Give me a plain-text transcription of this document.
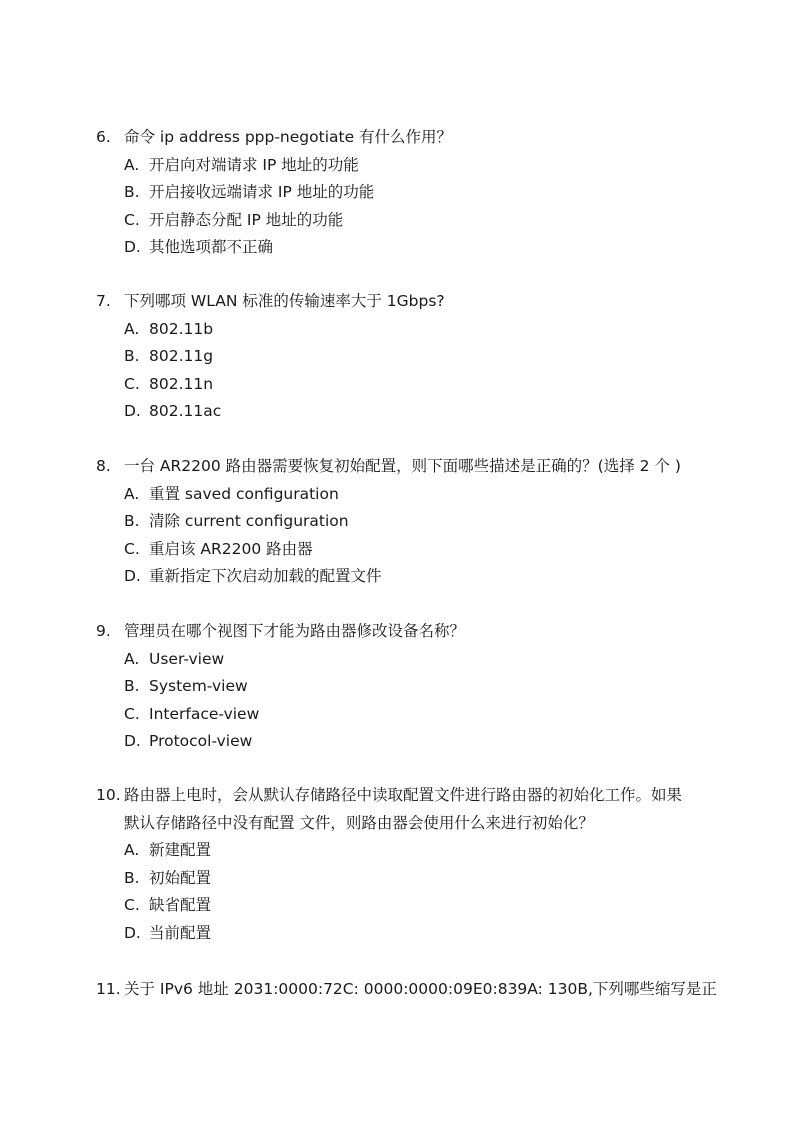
6. 命令 ip address ppp-negotiate 有什么作用？
A. 开启向对端请求 IP 地址的功能
B. 开启接收远端请求 IP 地址的功能
C. 开启静态分配 IP 地址的功能
D. 其他选项都不正确
7. 下列哪项 WLAN 标准的传输速率大于 1Gbps?
A. 802.11b
B. 802.11g
C. 802.11n
D. 802.11ac
8. 一台 AR2200 路由器需要恢复初始配置，则下面哪些描述是正确的？(选择 2 个 )
A. 重置 saved configuration
B. 清除 current configuration
C. 重启该 AR2200 路由器
D. 重新指定下次启动加载的配置文件
9. 管理员在哪个视图下才能为路由器修改设备名称？
A. User-view
B. System-view
C. Interface-view
D. Protocol-view
10. 路由器上电时，会从默认存储路径中读取配置文件进行路由器的初始化工作。如果
默认存储路径中没有配置 文件，则路由器会使用什么来进行初始化？
A. 新建配置
B. 初始配置
C. 缺省配置
D. 当前配置
11. 关于 IPv6 地址 2031:0000:72C: 0000:0000:09E0:839A: 130B,下列哪些缩写是正
